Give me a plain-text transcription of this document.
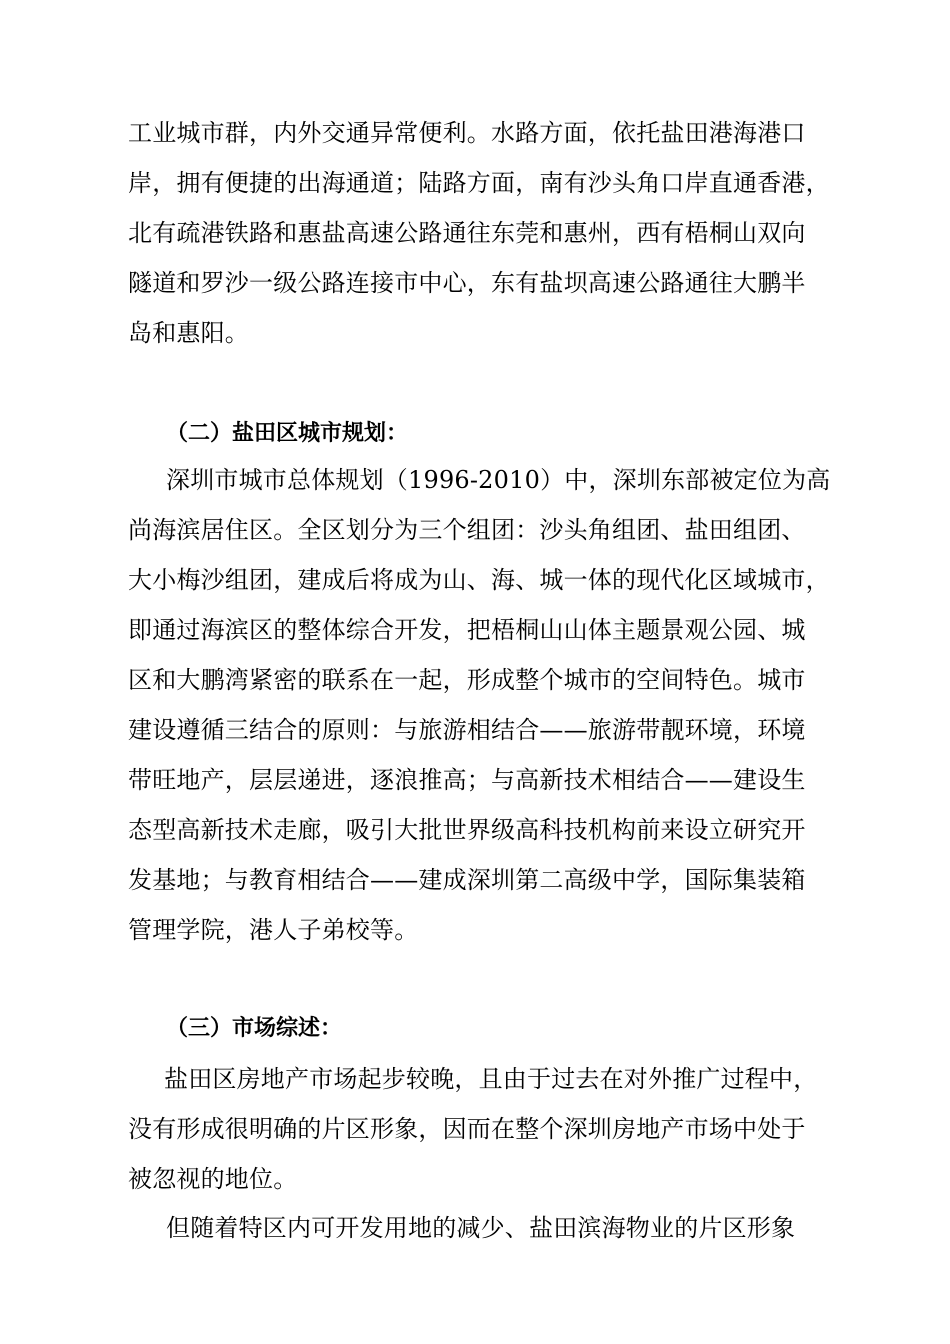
工业城市群，内外交通异常便利。水路方面，依托盐田港海港口
岸，拥有便捷的出海通道；陆路方面，南有沙头角口岸直通香港，
北有疏港铁路和惠盐高速公路通往东莞和惠州，西有梧桐山双向
隧道和罗沙一级公路连接市中心，东有盐坝高速公路通往大鹏半
岛和惠阳。
（二）盐田区城市规划：
深圳市城市总体规划（1996-2010）中，深圳东部被定位为高
尚海滨居住区。全区划分为三个组团：沙头角组团、盐田组团、
大小梅沙组团，建成后将成为山、海、城一体的现代化区域城市，
即通过海滨区的整体综合开发，把梧桐山山体主题景观公园、城
区和大鹏湾紧密的联系在一起，形成整个城市的空间特色。城市
建设遵循三结合的原则：与旅游相结合——旅游带靓环境，环境
带旺地产，层层递进，逐浪推高；与高新技术相结合——建设生
态型高新技术走廊，吸引大批世界级高科技机构前来设立研究开
发基地；与教育相结合——建成深圳第二高级中学，国际集装箱
管理学院，港人子弟校等。
（三）市场综述：
盐田区房地产市场起步较晚，且由于过去在对外推广过程中，
没有形成很明确的片区形象，因而在整个深圳房地产市场中处于
被忽视的地位。
但随着特区内可开发用地的减少、盐田滨海物业的片区形象
